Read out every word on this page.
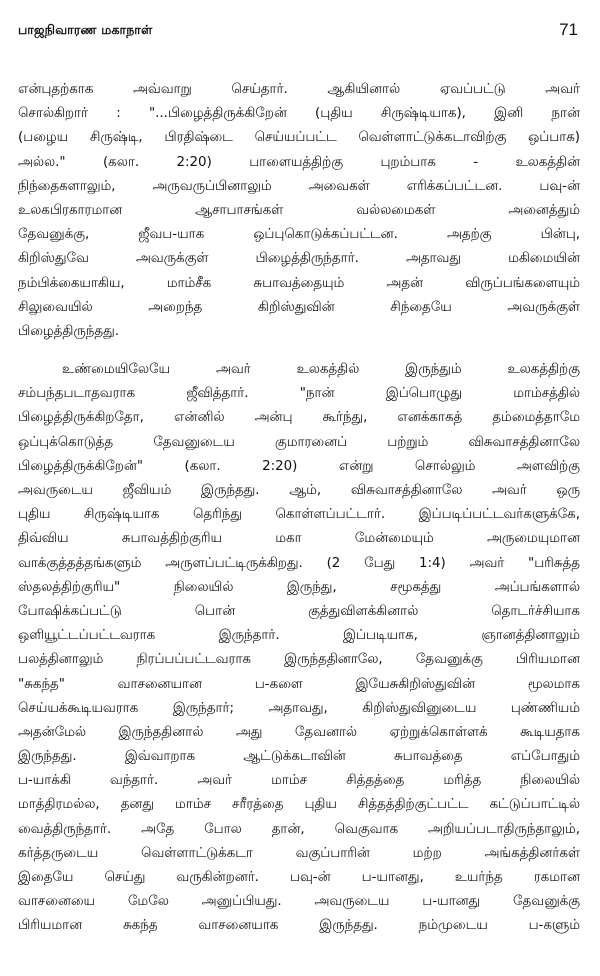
பாஜநிவாரண மகாநாள்	71

என்புதற்காக அவ்வாறு செய்தார். ஆகியினால் ஏவப்பட்டு அவர்
சொல்கிறார் : "...பிழைத்திருக்கிறேன் (புதிய சிருஷ்டியாக), இனி நான்
(பழைய சிருஷ்டி, பிரதிஷ்டை செய்யப்பட்ட வெள்ளாட்டுக்கடாவிற்கு ஒப்பாக)
அல்ல." (கலா. 2:20) பாளையத்திற்கு புறம்பாக - உலகத்தின்
நிந்தைகளாலும், அருவருப்பினாலும் அவைகள் எரிக்கப்பட்டன. பவு-ன்
உலகபிரகாரமான ஆசாபாசங்கள் வல்லமைகள் அனைத்தும்
தேவனுக்கு, ஜீவப-யாக ஒப்புகொடுக்கப்பட்டன. அதற்கு பின்பு,
கிறிஸ்துவே அவருக்குள் பிழைத்திருந்தார். அதாவது மகிமையின்
நம்பிக்கையாகிய, மாம்சீக சுபாவத்தையும் அதன் விருப்பங்களையும்
சிலுவையில் அறைந்த கிறிஸ்துவின் சிந்தையே அவருக்குள்
பிழைத்திருந்தது.

உண்மையிலேயே அவர் உலகத்தில் இருந்தும் உலகத்திற்கு
சம்பந்தபடாதவராக ஜீவித்தார். "நான் இப்பொழுது மாம்சத்தில்
பிழைத்திருக்கிறதோ, என்னில் அன்பு கூர்ந்து, எனக்காகத் தம்மைத்தாமே
ஒப்புக்கொடுத்த தேவனுடைய குமாரனைப் பற்றும் விசுவாசத்தினாலே
பிழைத்திருக்கிறேன்" (கலா. 2:20) என்று சொல்லும் அளவிற்கு
அவருடைய ஜீவியம் இருந்தது. ஆம், விசுவாசத்தினாலே அவர் ஒரு
புதிய சிருஷ்டியாக தெரிந்து கொள்ளப்பட்டார். இப்படிப்பட்டவர்களுக்கே,
திவ்விய சுபாவத்திற்குரிய மகா மேன்மையும் அருமையுமான
வாக்குத்தத்தங்களும் அருளப்பட்டிருக்கிறது. (2 பேது 1:4) அவர் "பரிசுத்த
ஸ்தலத்திற்குரிய" நிலையில் இருந்து, சமூகத்து அப்பங்களால்
போஷிக்கப்பட்டு பொன் குத்துவிளக்கினால் தொடர்ச்சியாக
ஒளியூட்டப்பட்டவராக இருந்தார். இப்படியாக, ஞானத்தினாலும்
பலத்தினாலும் நிரப்பப்பட்டவராக இருந்ததினாலே, தேவனுக்கு பிரியமான
"சுகந்த" வாசனையான ப-களை இயேசுகிறிஸ்துவின் மூலமாக
செய்யக்கூடியவராக இருந்தார்; அதாவது, கிறிஸ்துவினுடைய புண்ணியம்
அதன்மேல் இருந்ததினால் அது தேவனால் ஏற்றுக்கொள்ளக் கூடியதாக
இருந்தது. இவ்வாறாக ஆட்டுக்கடாவின் சுபாவத்தை எப்போதும்
ப-யாக்கி வந்தார். அவர் மாம்ச சித்தத்தை மரித்த நிலையில்
மாத்திரமல்ல, தனது மாம்ச சரீரத்தை புதிய சித்தத்திற்குட்பட்ட கட்டுப்பாட்டில்
வைத்திருந்தார். அதே போல தான், வெகுவாக அறியப்படாதிருந்தாலும்,
கர்த்தருடைய வெள்ளாட்டுக்கடா வகுப்பாரின் மற்ற அங்கத்தினர்கள்
இதையே செய்து வருகின்றனர். பவு-ன் ப-யானது, உயர்ந்த ரகமான
வாசனையை மேலே அனுப்பியது. அவருடைய ப-யானது தேவனுக்கு
பிரியமான சுகந்த வாசனையாக இருந்தது. நம்முடைய ப-களும்
